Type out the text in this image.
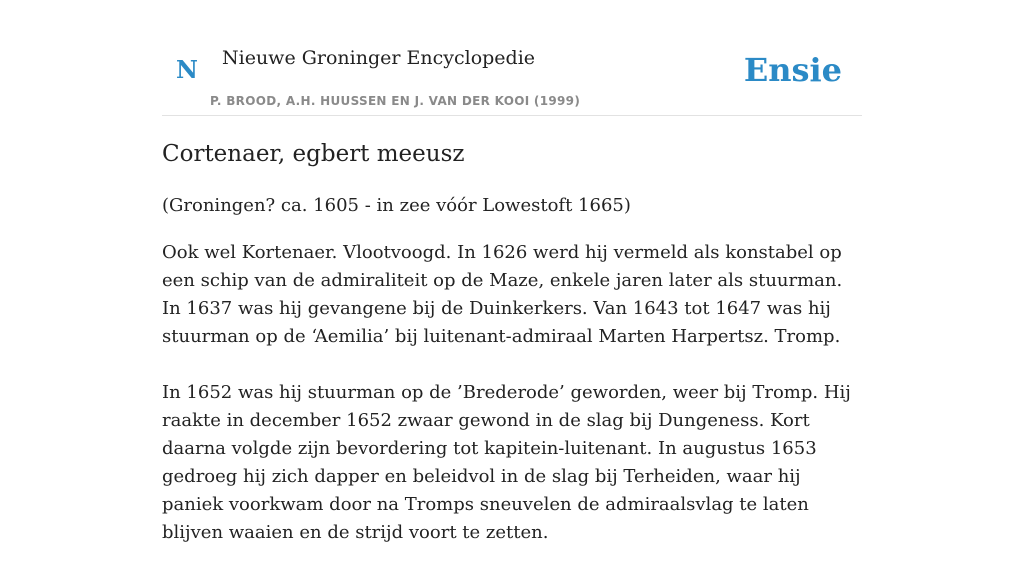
N Nieuwe Groninger Encyclopedie
P. BROOD, A.H. HUUSSEN EN J. VAN DER KOOI (1999)
Ensie
Cortenaer, egbert meeusz

(Groningen? ca. 1605 - in zee vóór Lowestoft 1665)

Ook wel Kortenaer. Vlootvoogd. In 1626 werd hij vermeld als konstabel op een schip van de admiraliteit op de Maze, enkele jaren later als stuurman. In 1637 was hij gevangene bij de Duinkerkers. Van 1643 tot 1647 was hij stuurman op de ‘Aemilia’ bij luitenant-admiraal Marten Harpertsz. Tromp.

In 1652 was hij stuurman op de ’Brederode’ geworden, weer bij Tromp. Hij raakte in december 1652 zwaar gewond in de slag bij Dungeness. Kort daarna volgde zijn bevordering tot kapitein-luitenant. In augustus 1653 gedroeg hij zich dapper en beleidvol in de slag bij Terheiden, waar hij paniek voorkwam door na Tromps sneuvelen de admiraalsvlag te laten blijven waaien en de strijd voort te zetten.
